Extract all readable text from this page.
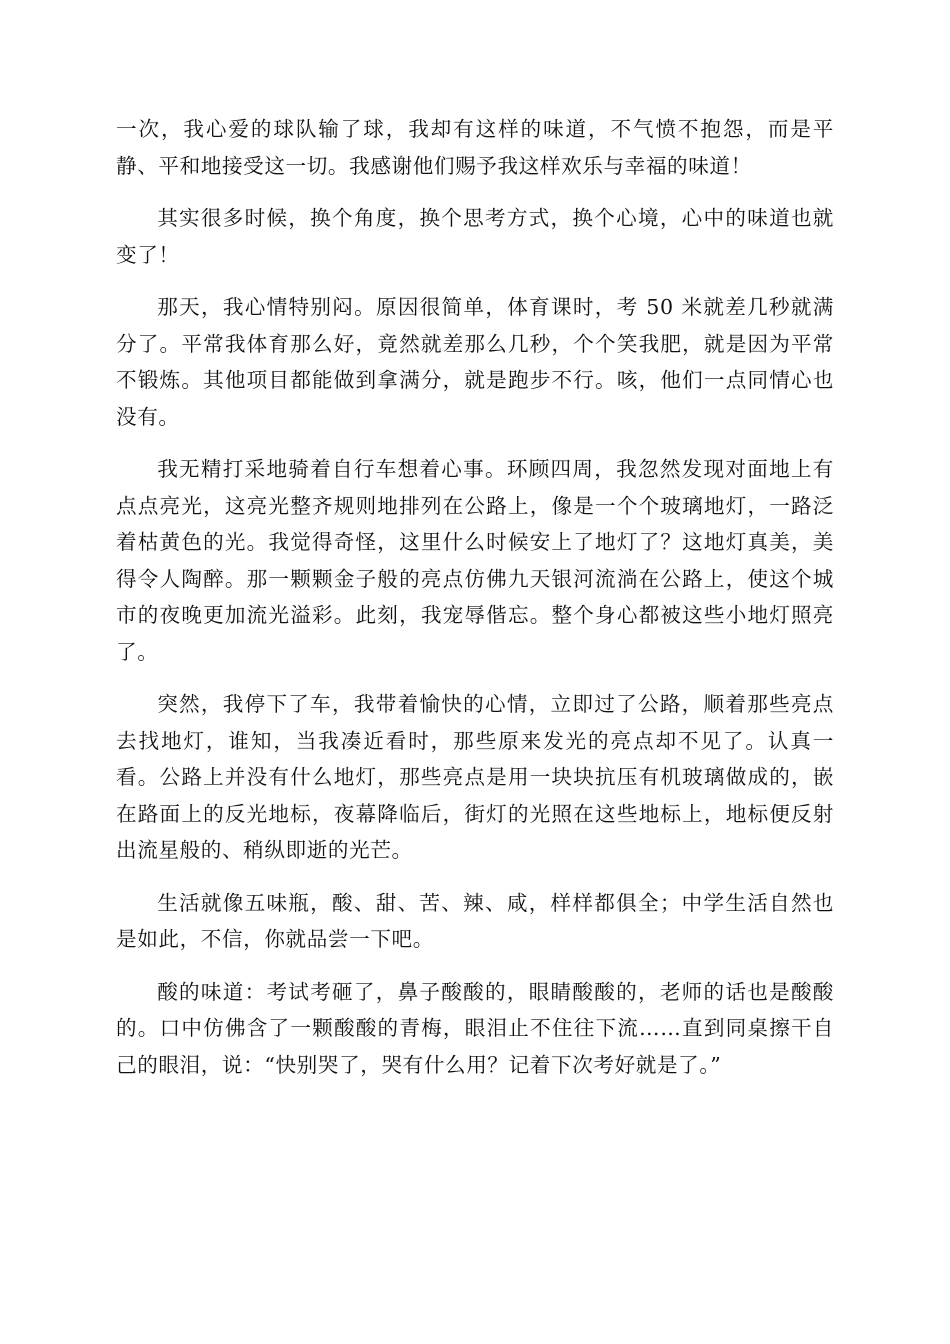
一次，我心爱的球队输了球，我却有这样的味道，不气愤不抱怨，而是平静、平和地接受这一切。我感谢他们赐予我这样欢乐与幸福的味道！

其实很多时候，换个角度，换个思考方式，换个心境，心中的味道也就变了！

那天，我心情特别闷。原因很简单，体育课时，考 50 米就差几秒就满分了。平常我体育那么好，竟然就差那么几秒，个个笑我肥，就是因为平常不锻炼。其他项目都能做到拿满分，就是跑步不行。咳，他们一点同情心也没有。

我无精打采地骑着自行车想着心事。环顾四周，我忽然发现对面地上有点点亮光，这亮光整齐规则地排列在公路上，像是一个个玻璃地灯，一路泛着枯黄色的光。我觉得奇怪，这里什么时候安上了地灯了？这地灯真美，美得令人陶醉。那一颗颗金子般的亮点仿佛九天银河流淌在公路上，使这个城市的夜晚更加流光溢彩。此刻，我宠辱偕忘。整个身心都被这些小地灯照亮了。

突然，我停下了车，我带着愉快的心情，立即过了公路，顺着那些亮点去找地灯，谁知，当我凑近看时，那些原来发光的亮点却不见了。认真一看。公路上并没有什么地灯，那些亮点是用一块块抗压有机玻璃做成的，嵌在路面上的反光地标，夜幕降临后，街灯的光照在这些地标上，地标便反射出流星般的、稍纵即逝的光芒。

生活就像五味瓶，酸、甜、苦、辣、咸，样样都俱全；中学生活自然也是如此，不信，你就品尝一下吧。

酸的味道：考试考砸了，鼻子酸酸的，眼睛酸酸的，老师的话也是酸酸的。口中仿佛含了一颗酸酸的青梅，眼泪止不住往下流……直到同桌擦干自己的眼泪，说：“快别哭了，哭有什么用？记着下次考好就是了。”
